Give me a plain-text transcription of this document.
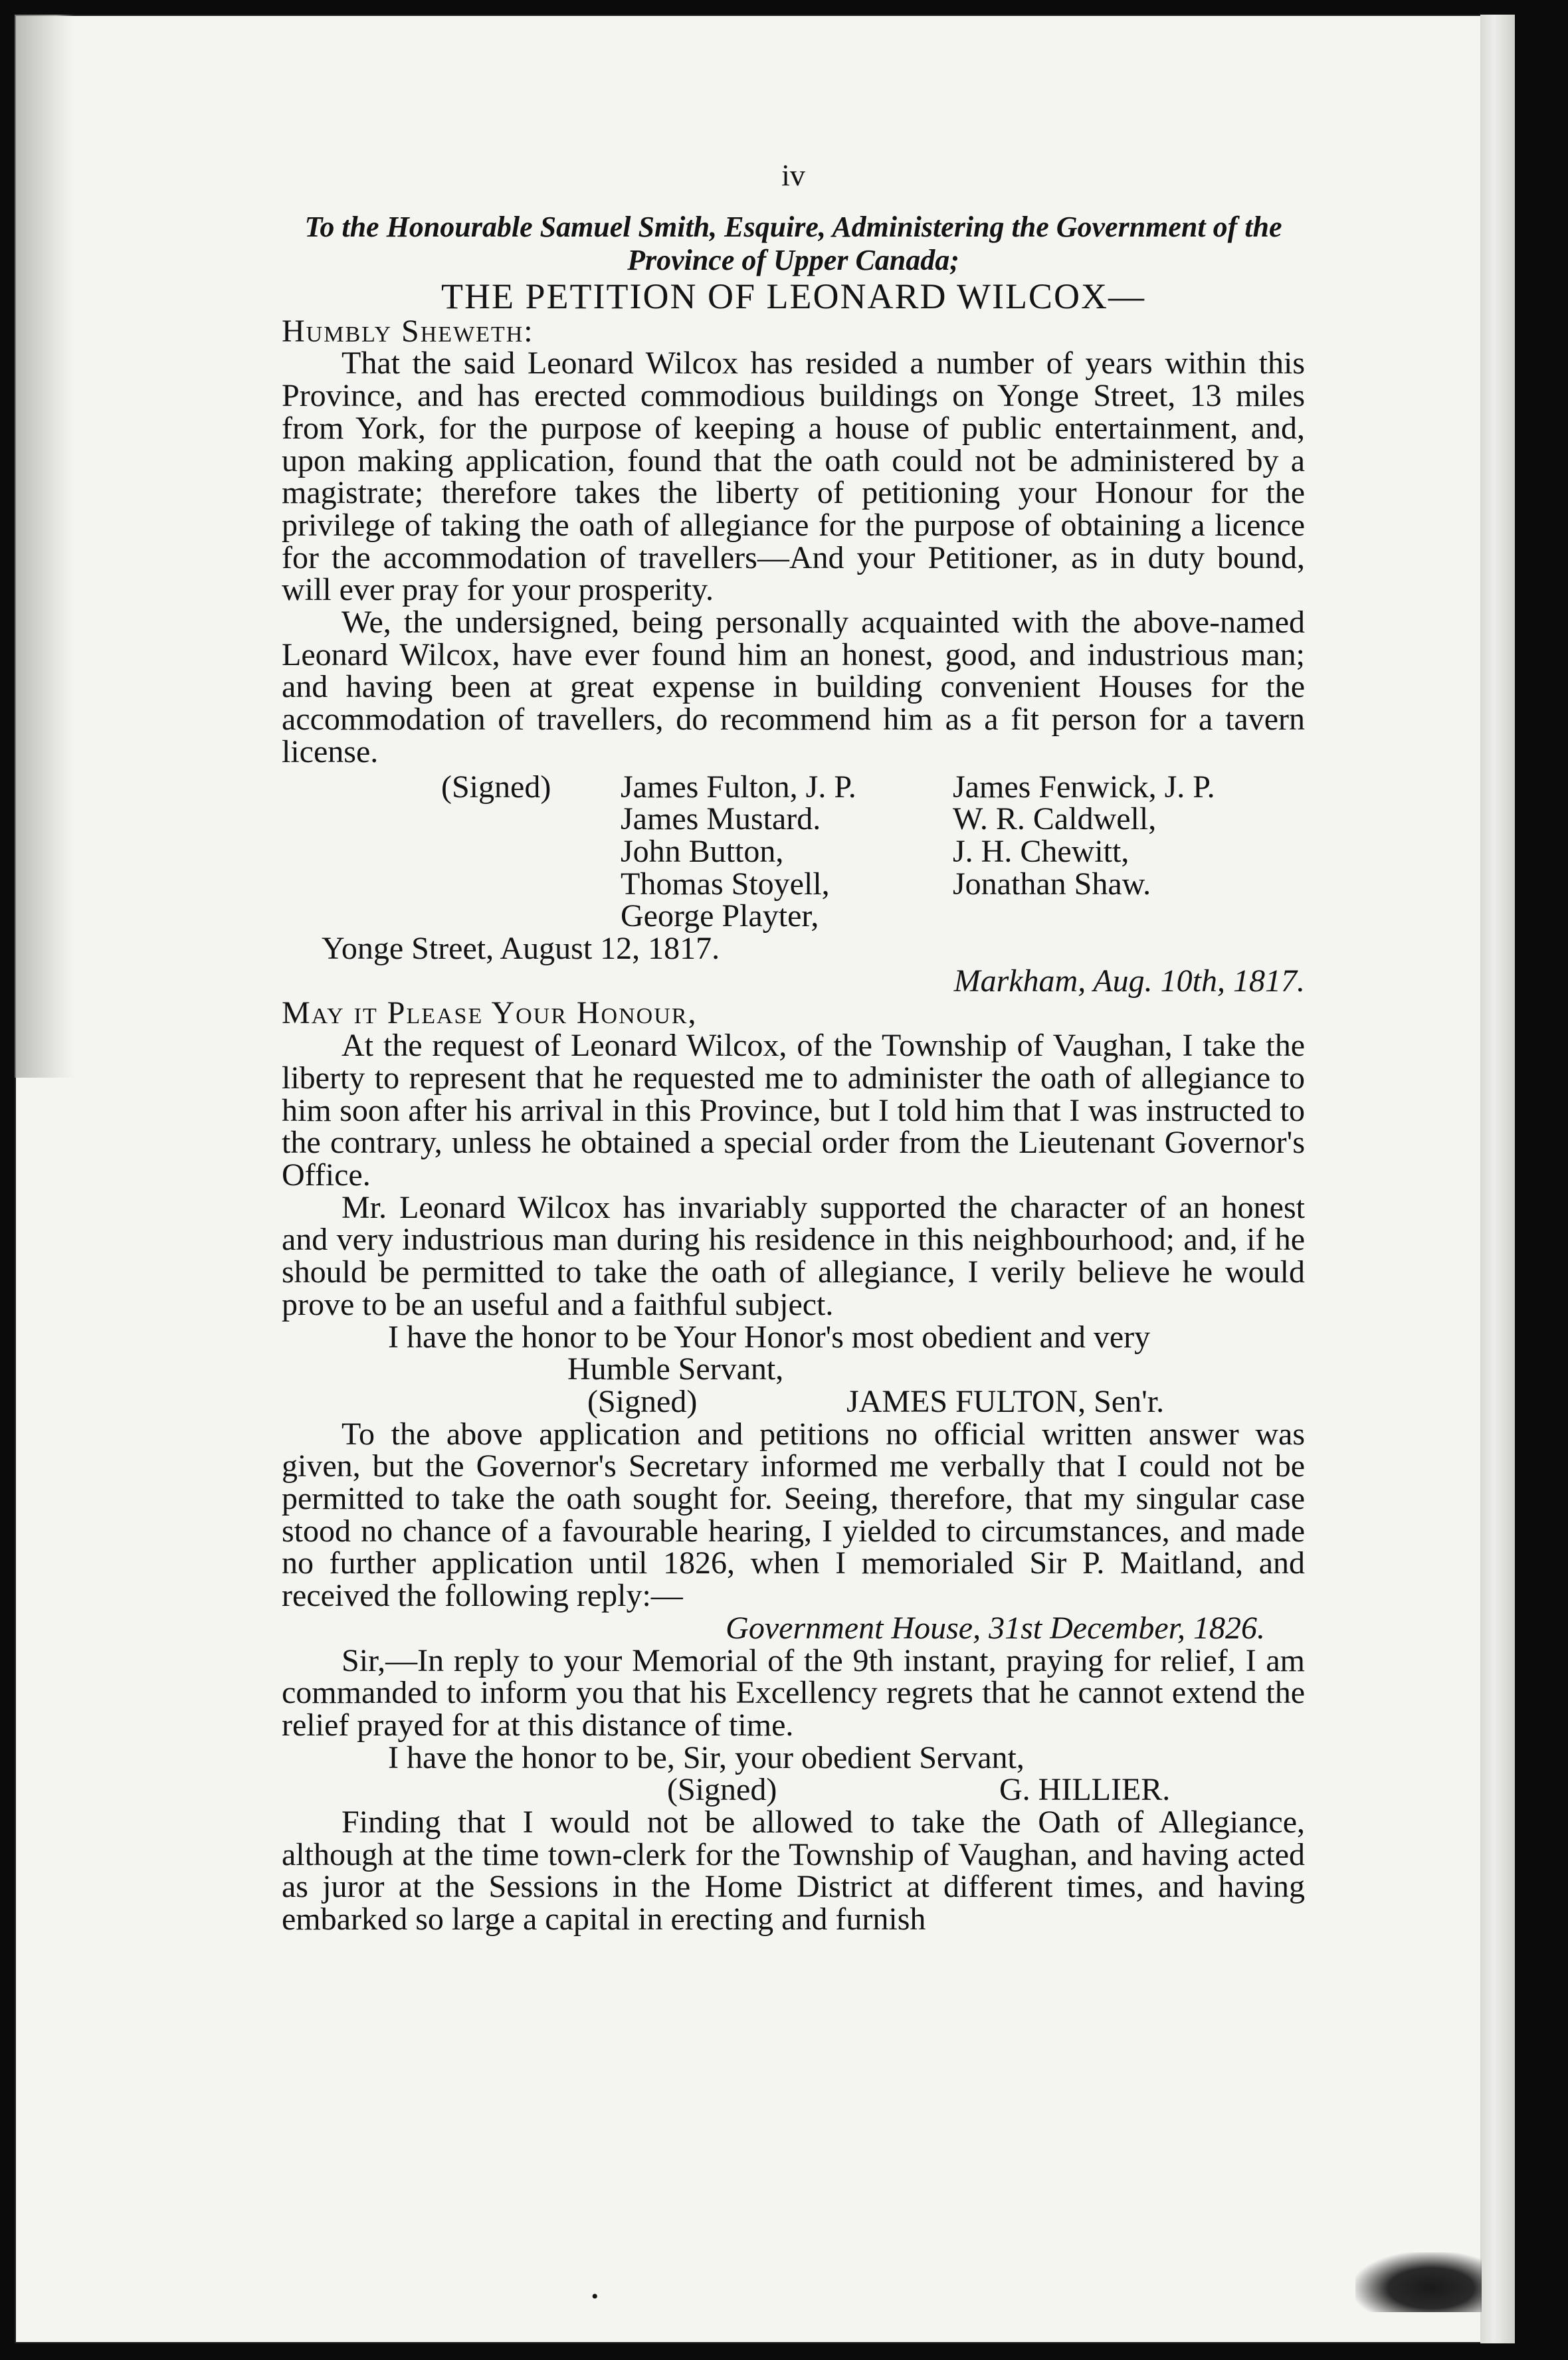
iv
To the Honourable Samuel Smith, Esquire, Administering the Government of the Province of Upper Canada;
THE PETITION OF LEONARD WILCOX—
Humbly Sheweth:

That the said Leonard Wilcox has resided a number of years within this Province, and has erected commodious buildings on Yonge Street, 13 miles from York, for the purpose of keeping a house of public entertainment, and, upon making application, found that the oath could not be administered by a magistrate; therefore takes the liberty of petitioning your Honour for the privilege of taking the oath of allegiance for the purpose of obtaining a licence for the accommodation of travellers—And your Petitioner, as in duty bound, will ever pray for your prosperity.

We, the undersigned, being personally acquainted with the above-named Leonard Wilcox, have ever found him an honest, good, and industrious man; and having been at great expense in building convenient Houses for the accommodation of travellers, do recommend him as a fit person for a tavern license.

(Signed)	James Fulton, J. P.	James Fenwick, J. P.
James Mustard.	W. R. Caldwell,
John Button,	J. H. Chewitt,
Thomas Stoyell,	Jonathan Shaw.
George Playter,
Yonge Street, August 12, 1817.
Markham, Aug. 10th, 1817.
May it Please Your Honour,

At the request of Leonard Wilcox, of the Township of Vaughan, I take the liberty to represent that he requested me to administer the oath of allegiance to him soon after his arrival in this Province, but I told him that I was instructed to the contrary, unless he obtained a special order from the Lieutenant Governor's Office.

Mr. Leonard Wilcox has invariably supported the character of an honest and very industrious man during his residence in this neighbourhood; and, if he should be permitted to take the oath of allegiance, I verily believe he would prove to be an useful and a faithful subject.

I have the honor to be Your Honor's most obedient and very
Humble Servant,
(Signed)	JAMES FULTON, Sen'r.

To the above application and petitions no official written answer was given, but the Governor's Secretary informed me verbally that I could not be permitted to take the oath sought for. Seeing, therefore, that my singular case stood no chance of a favourable hearing, I yielded to circumstances, and made no further application until 1826, when I memorialed Sir P. Maitland, and received the following reply:—

Government House, 31st December, 1826.

Sir,—In reply to your Memorial of the 9th instant, praying for relief, I am commanded to inform you that his Excellency regrets that he cannot extend the relief prayed for at this distance of time.

I have the honor to be, Sir, your obedient Servant,
(Signed)	G. HILLIER.

Finding that I would not be allowed to take the Oath of Allegiance, although at the time town-clerk for the Township of Vaughan, and having acted as juror at the Sessions in the Home District at different times, and having embarked so large a capital in erecting and furnish

•
